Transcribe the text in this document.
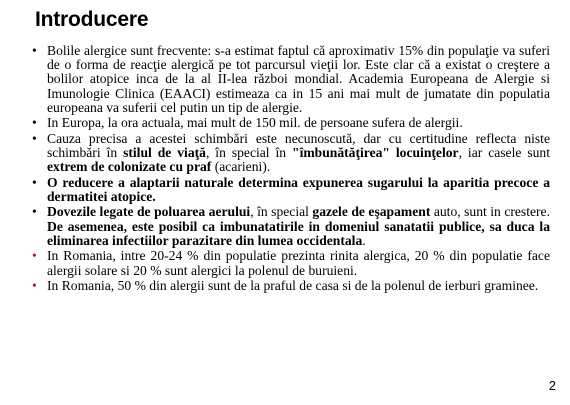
Introducere
• Bolile alergice sunt frecvente: s-a estimat faptul că aproximativ 15% din populaţie va suferi de o forma de reacţie alergică pe tot parcursul vieţii lor. Este clar că a existat o creştere a bolilor atopice inca de la al II-lea război mondial. Academia Europeana de Alergie si Imunologie Clinica (EAACI) estimeaza ca in 15 ani mai mult de jumatate din populatia europeana va suferii cel putin un tip de alergie.
• In Europa, la ora actuala, mai mult de 150 mil. de persoane sufera de alergii.
• Cauza precisa a acestei schimbări este necunoscută, dar cu certitudine reflecta niste schimbări în stilul de viaţă, în special în "îmbunătăţirea" locuinţelor, iar casele sunt extrem de colonizate cu praf (acarieni).
• O reducere a alaptarii naturale determina expunerea sugarului la aparitia precoce a dermatitei atopice.
• Dovezile legate de poluarea aerului, în special gazele de eşapament auto, sunt in crestere. De asemenea, este posibil ca imbunatatirile in domeniul sanatatii publice, sa duca la eliminarea infectiilor parazitare din lumea occidentala.
• In Romania, intre 20-24 % din populatie prezinta rinita alergica, 20 % din populatie face alergii solare si 20 % sunt alergici la polenul de buruieni.
• In Romania, 50 % din alergii sunt de la praful de casa si de la polenul de ierburi graminee.
2
